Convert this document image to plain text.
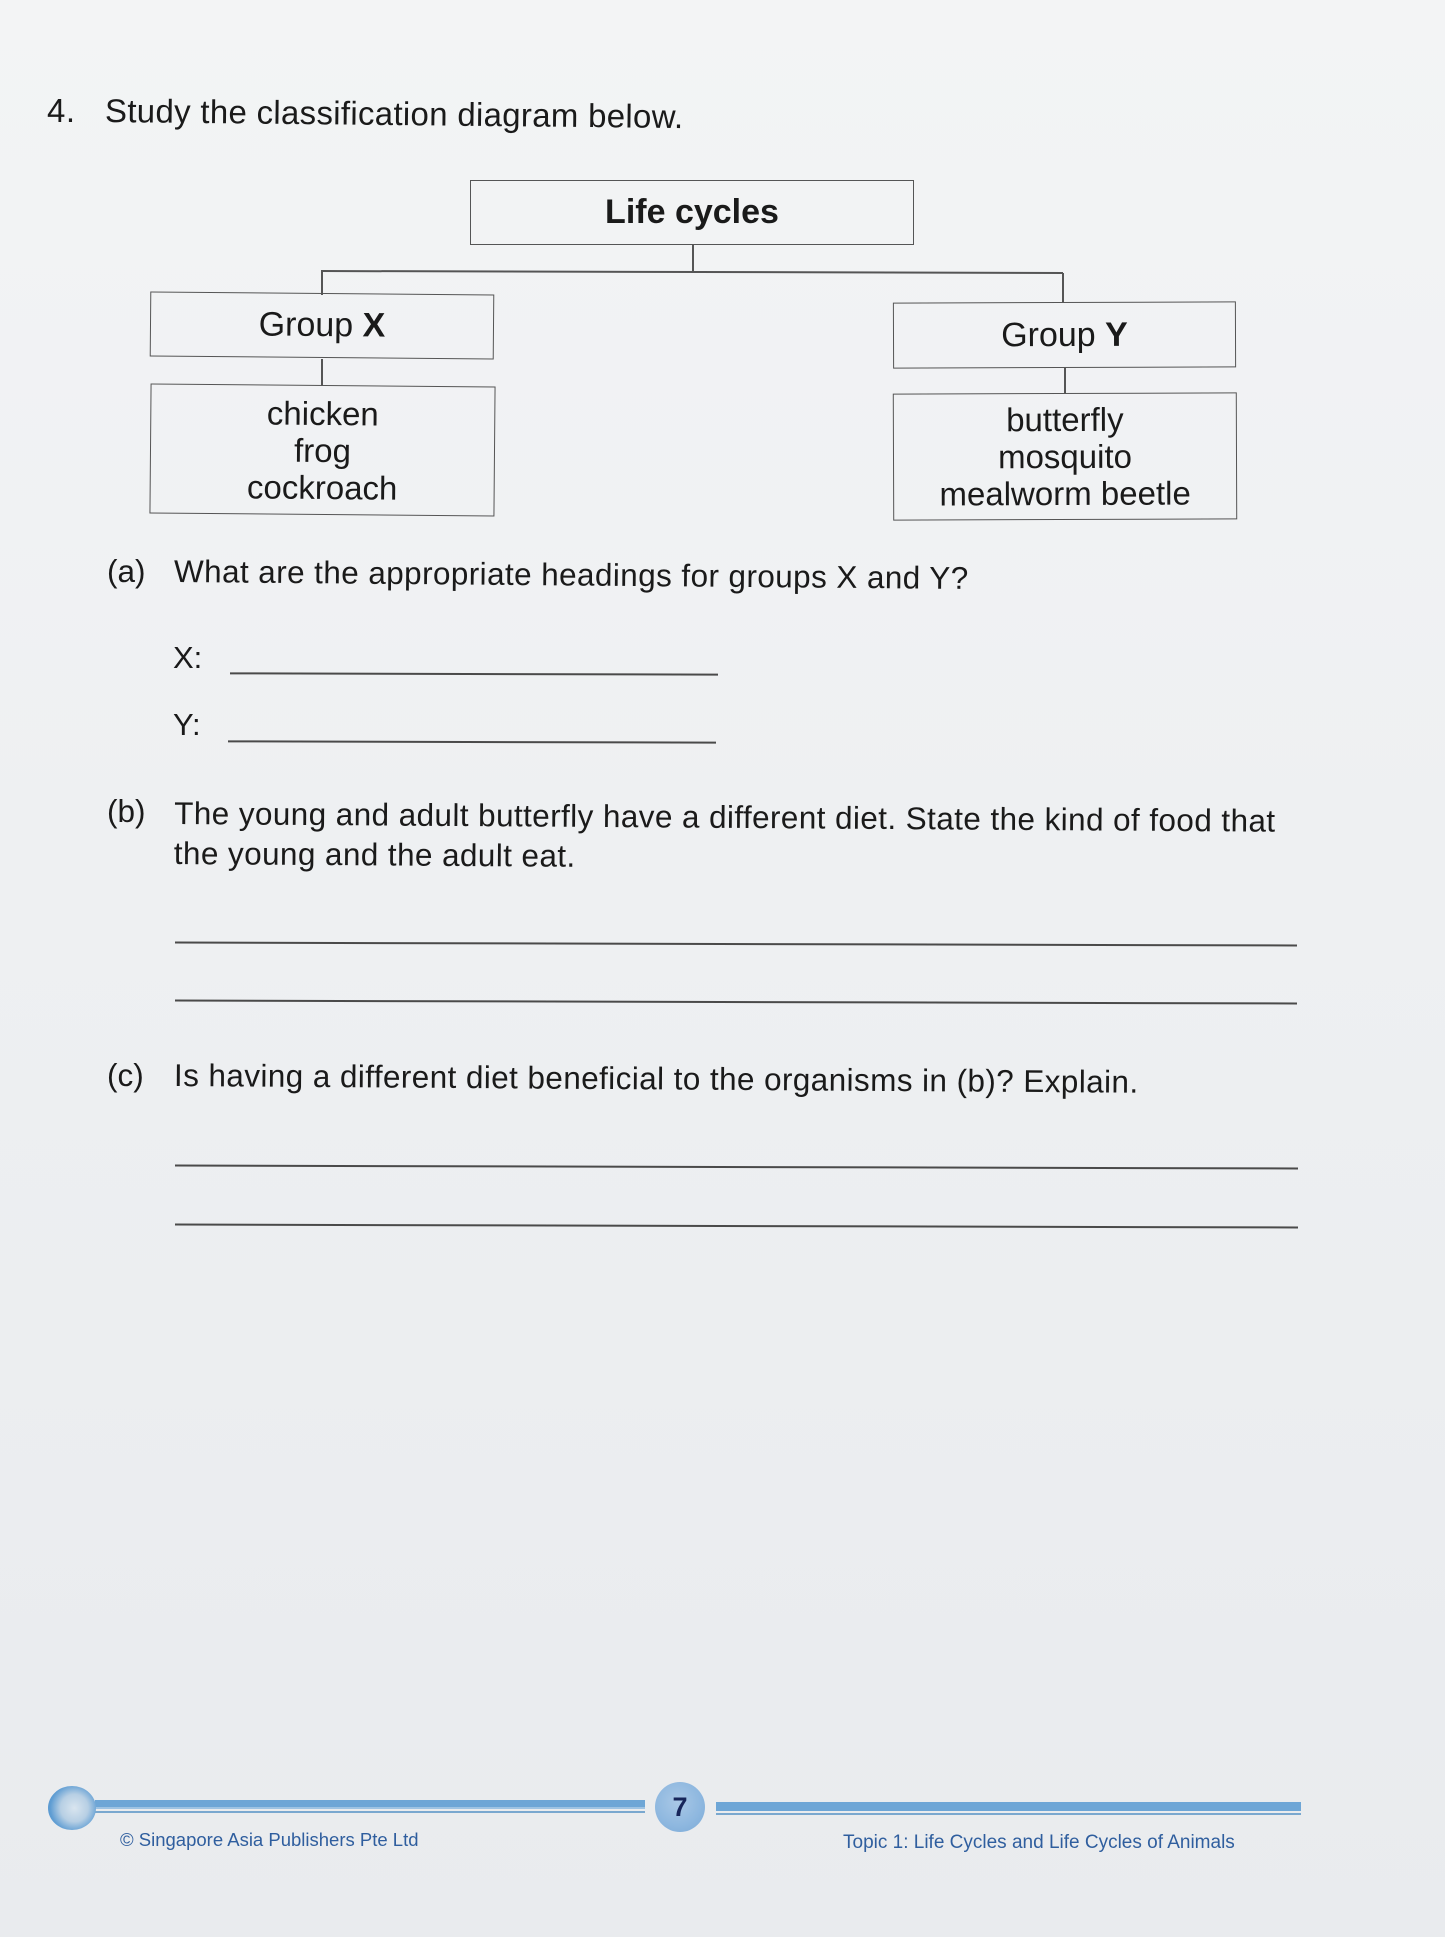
4. Study the classification diagram below.
Life cycles
Group X	Group Y
chicken
frog
cockroach
butterfly
mosquito
mealworm beetle
(a) What are the appropriate headings for groups X and Y?
X:
Y:
(b) The young and adult butterfly have a different diet. State the kind of food that the young and the adult eat.
(c) Is having a different diet beneficial to the organisms in (b)? Explain.
7
© Singapore Asia Publishers Pte Ltd	Topic 1: Life Cycles and Life Cycles of Animals
